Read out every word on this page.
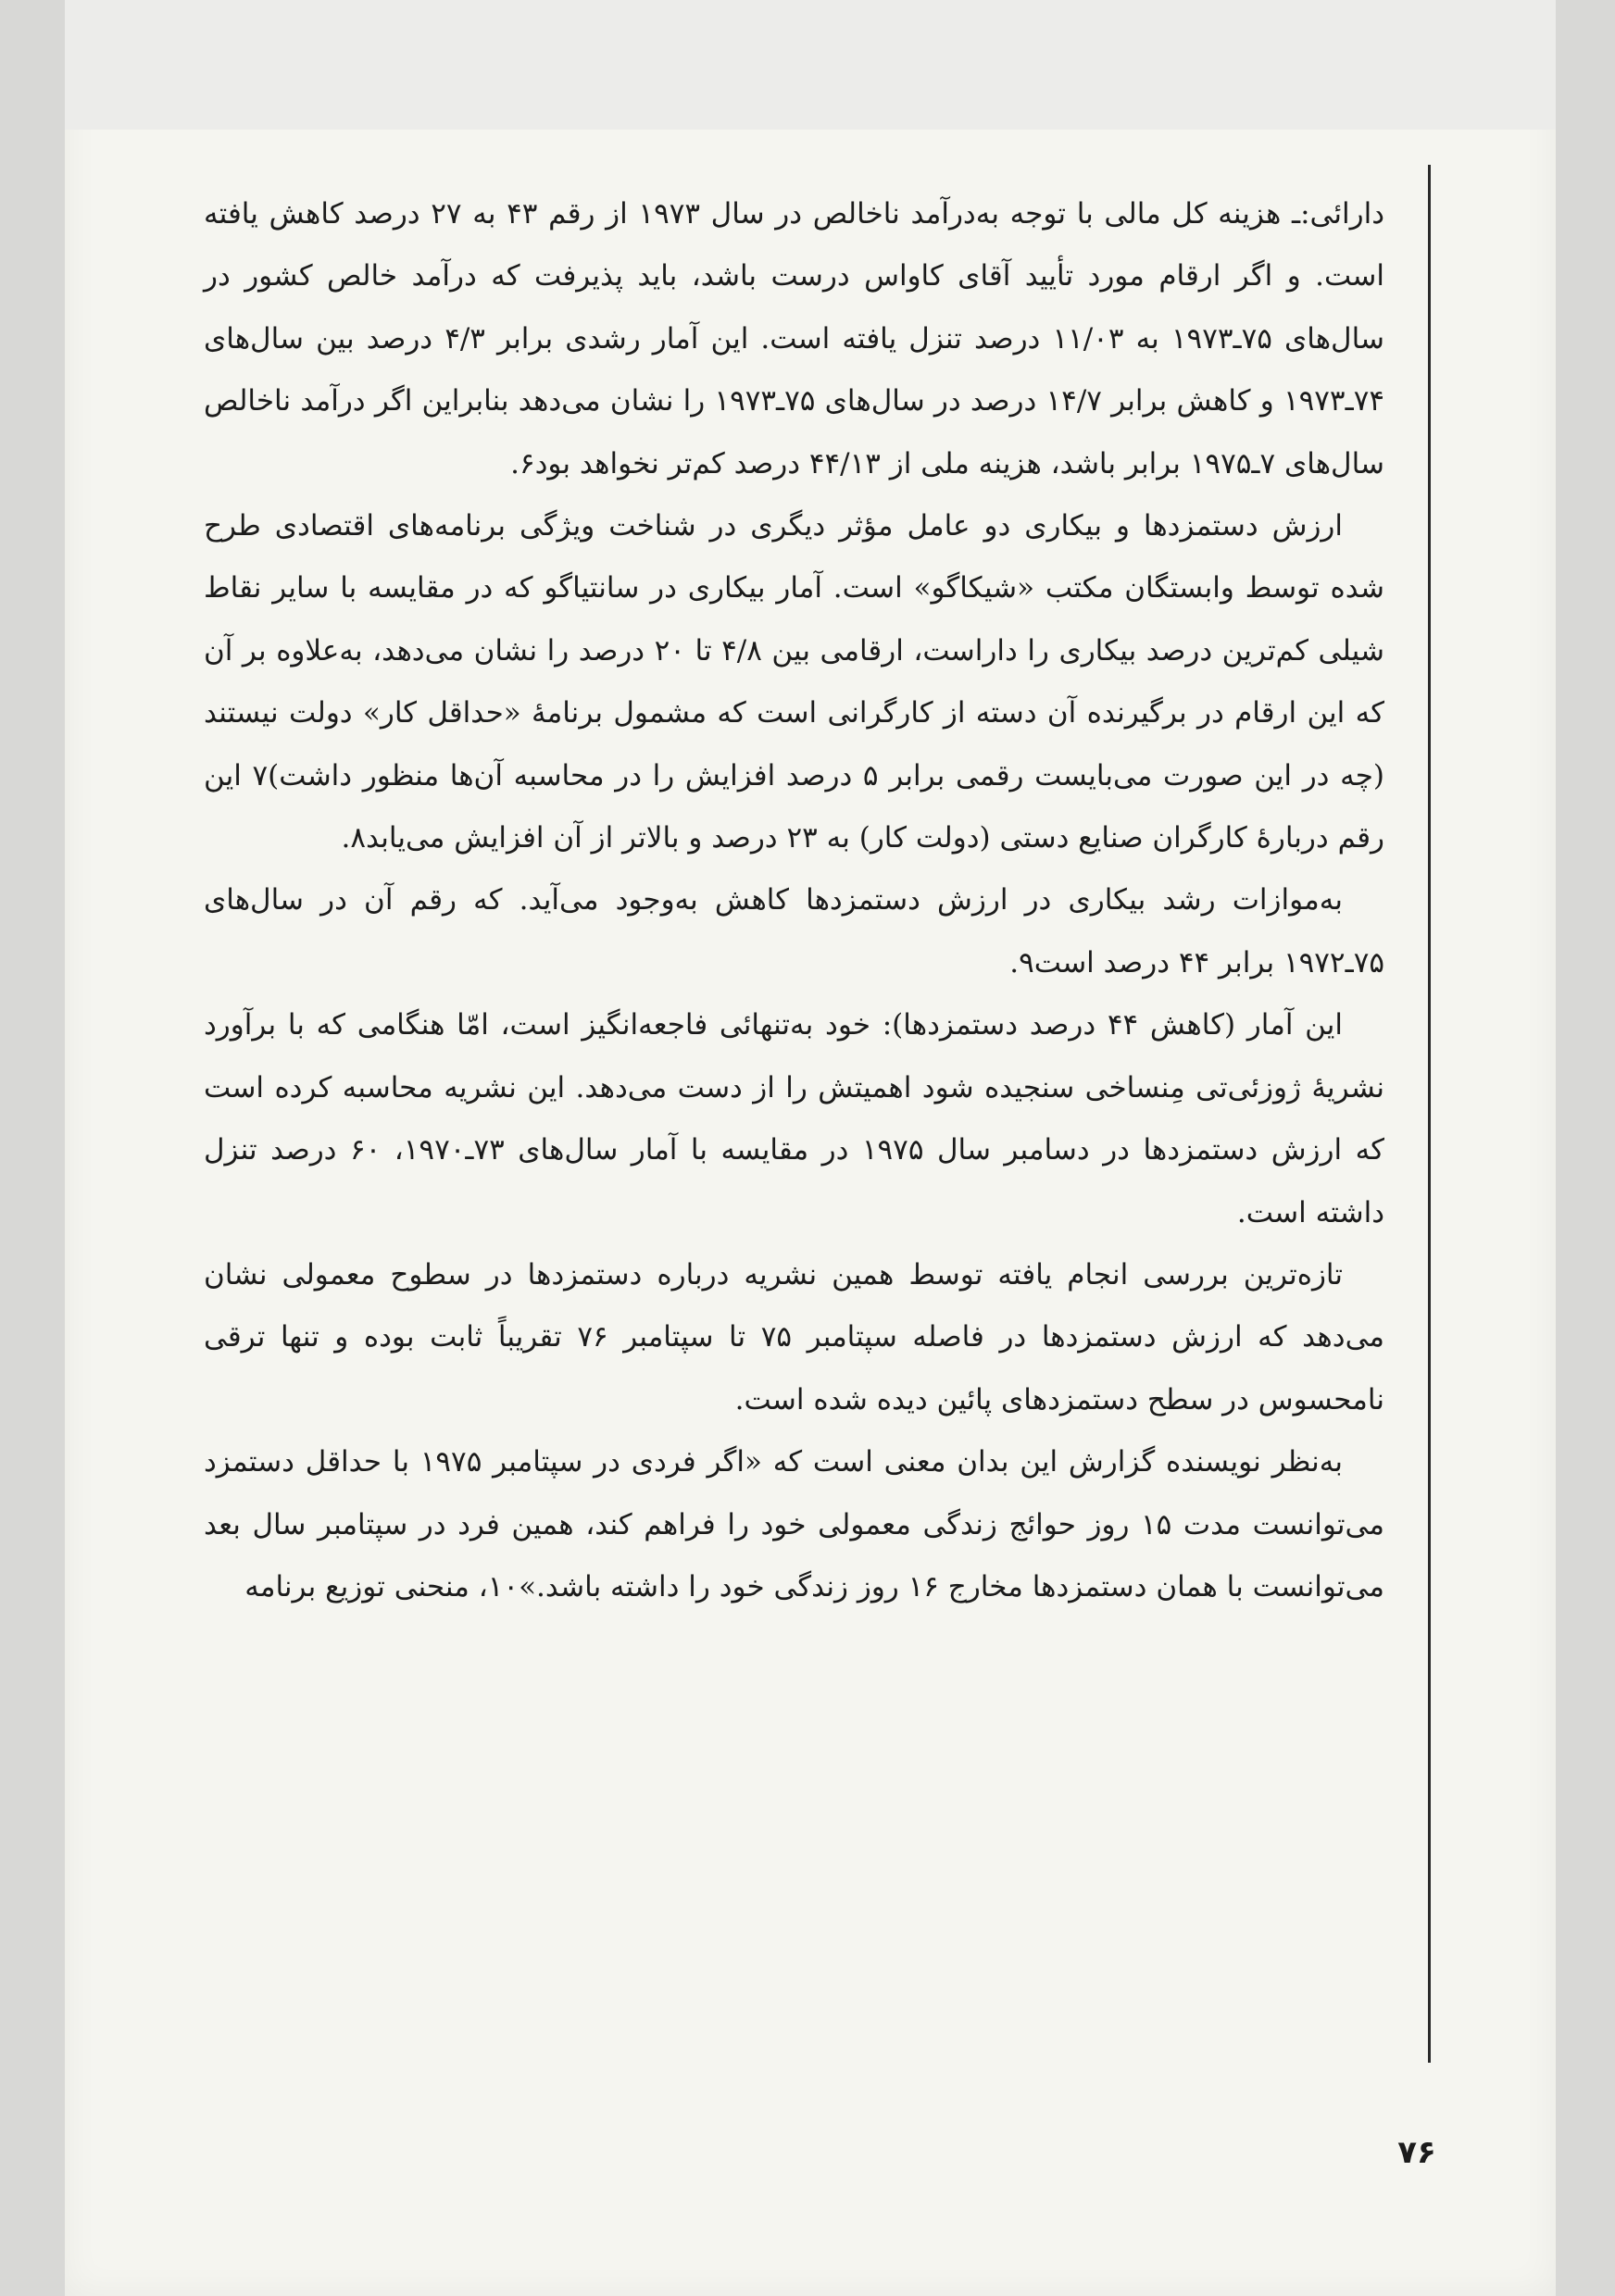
دارائی:ـ هزینه کل مالی با توجه به‌درآمد ناخالص در سال ۱۹۷۳ از رقم ۴۳ به ۲۷ درصد کاهش یافته است. و اگر ارقام مورد تأیید آقای کاواس درست باشد، باید پذیرفت که درآمد خالص کشور در سال‌های ۷۵ـ۱۹۷۳ به ۱۱/۰۳ درصد تنزل یافته است. این آمار رشدی برابر ۴/۳ درصد بین سال‌های ۷۴ـ۱۹۷۳ و کاهش برابر ۱۴/۷ درصد در سال‌های ۷۵ـ۱۹۷۳ را نشان می‌دهد بنابراین اگر درآمد ناخالص سال‌های ۷ـ۱۹۷۵ برابر باشد، هزینه ملی از ۴۴/۱۳ درصد کم‌تر نخواهد بود۶.

ارزش دستمزدها و بیکاری دو عامل مؤثر دیگری در شناخت ویژگی برنامه‌های اقتصادی طرح شده توسط وابستگان مکتب «شیکاگو» است. آمار بیکاری در سانتیاگو که در مقایسه با سایر نقاط شیلی کم‌ترین درصد بیکاری را داراست، ارقامی بین ۴/۸ تا ۲۰ درصد را نشان می‌دهد، به‌علاوه بر آن که این ارقام در برگیرنده آن دسته از کارگرانی است که مشمول برنامهٔ «حداقل کار» دولت نیستند (چه در این صورت می‌بایست رقمی برابر ۵ درصد افزایش را در محاسبه آن‌ها منظور داشت)۷ این رقم دربارهٔ کارگران صنایع دستی (دولت کار) به ۲۳ درصد و بالاتر از آن افزایش می‌یابد۸.

به‌موازات رشد بیکاری در ارزش دستمزدها کاهش به‌وجود می‌آید. که رقم آن در سال‌های ۷۵ـ۱۹۷۲ برابر ۴۴ درصد است۹.

این آمار (کاهش ۴۴ درصد دستمزدها): خود به‌تنهائی فاجعه‌انگیز است، امّا هنگامی که با برآورد نشریهٔ ژوزئی‌تی مِنساخی سنجیده شود اهمیتش را از دست می‌دهد. این نشریه محاسبه کرده است که ارزش دستمزدها در دسامبر سال ۱۹۷۵ در مقایسه با آمار سال‌های ۷۳ـ۱۹۷۰، ۶۰ درصد تنزل داشته است.

تازه‌ترین بررسی انجام یافته توسط همین نشریه درباره دستمزدها در سطوح معمولی نشان می‌دهد که ارزش دستمزدها در فاصله سپتامبر ۷۵ تا سپتامبر ۷۶ تقریباً ثابت بوده و تنها ترقی نامحسوس در سطح دستمزدهای پائین دیده شده است.

به‌نظر نویسنده گزارش این بدان معنی است که «اگر فردی در سپتامبر ۱۹۷۵ با حداقل دستمزد می‌توانست مدت ۱۵ روز حوائج زندگی معمولی خود را فراهم کند، همین فرد در سپتامبر سال بعد می‌توانست با همان دستمزدها مخارج ۱۶ روز زندگی خود را داشته باشد.»۱۰، منحنی توزیع برنامه

۷۶
